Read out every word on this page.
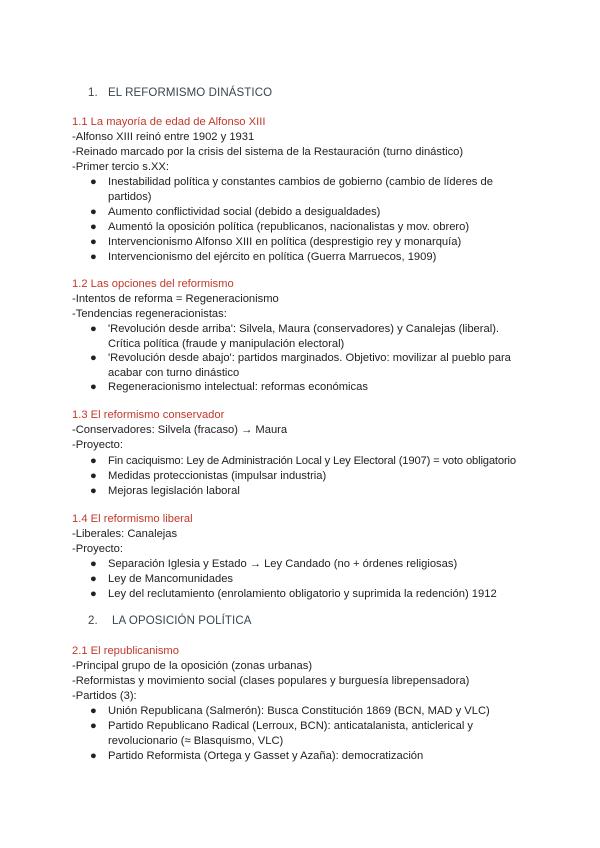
1. EL REFORMISMO DINÁSTICO
1.1 La mayoría de edad de Alfonso XIII
-Alfonso XIII reinó entre 1902 y 1931
-Reinado marcado por la crisis del sistema de la Restauración (turno dinástico)
-Primer tercio s.XX:
● Inestabilidad política y constantes cambios de gobierno (cambio de líderes de partidos)
● Aumento conflictividad social (debido a desigualdades)
● Aumentó la oposición política (republicanos, nacionalistas y mov. obrero)
● Intervencionismo Alfonso XIII en política (desprestigio rey y monarquía)
● Intervencionismo del ejército en política (Guerra Marruecos, 1909)
1.2 Las opciones del reformismo
-Intentos de reforma = Regeneracionismo
-Tendencias regeneracionistas:
● 'Revolución desde arriba': Silvela, Maura (conservadores) y Canalejas (liberal). Crítica política (fraude y manipulación electoral)
● 'Revolución desde abajo': partidos marginados. Objetivo: movilizar al pueblo para acabar con turno dinástico
● Regeneracionismo intelectual: reformas económicas
1.3 El reformismo conservador
-Conservadores: Silvela (fracaso) → Maura
-Proyecto:
● Fin caciquismo: Ley de Administración Local y Ley Electoral (1907) = voto obligatorio
● Medidas proteccionistas (impulsar industria)
● Mejoras legislación laboral
1.4 El reformismo liberal
-Liberales: Canalejas
-Proyecto:
● Separación Iglesia y Estado → Ley Candado (no + órdenes religiosas)
● Ley de Mancomunidades
● Ley del reclutamiento (enrolamiento obligatorio y suprimida la redención) 1912
2. LA OPOSICIÓN POLÍTICA
2.1 El republicanismo
-Principal grupo de la oposición (zonas urbanas)
-Reformistas y movimiento social (clases populares y burguesía librepensadora)
-Partidos (3):
● Unión Republicana (Salmerón): Busca Constitución 1869 (BCN, MAD y VLC)
● Partido Republicano Radical (Lerroux, BCN): anticatalanista, anticlerical y revolucionario (≈ Blasquismo, VLC)
● Partido Reformista (Ortega y Gasset y Azaña): democratización
